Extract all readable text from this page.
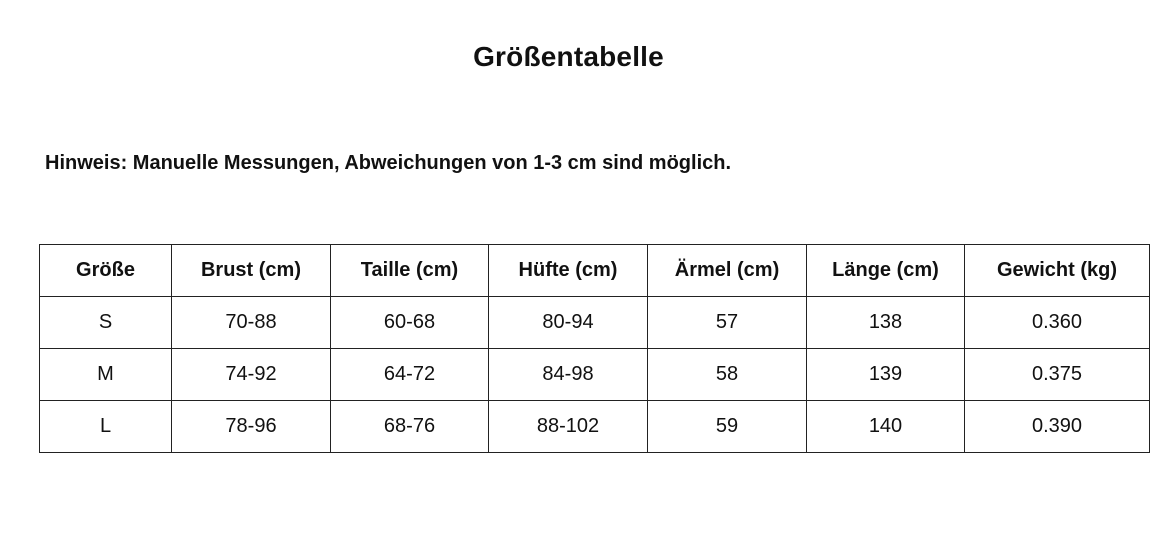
Größentabelle
Hinweis: Manuelle Messungen, Abweichungen von 1-3 cm sind möglich.
Größe	Brust (cm)	Taille (cm)	Hüfte (cm)	Ärmel (cm)	Länge (cm)	Gewicht (kg)
S	70-88	60-68	80-94	57	138	0.360
M	74-92	64-72	84-98	58	139	0.375
L	78-96	68-76	88-102	59	140	0.390
